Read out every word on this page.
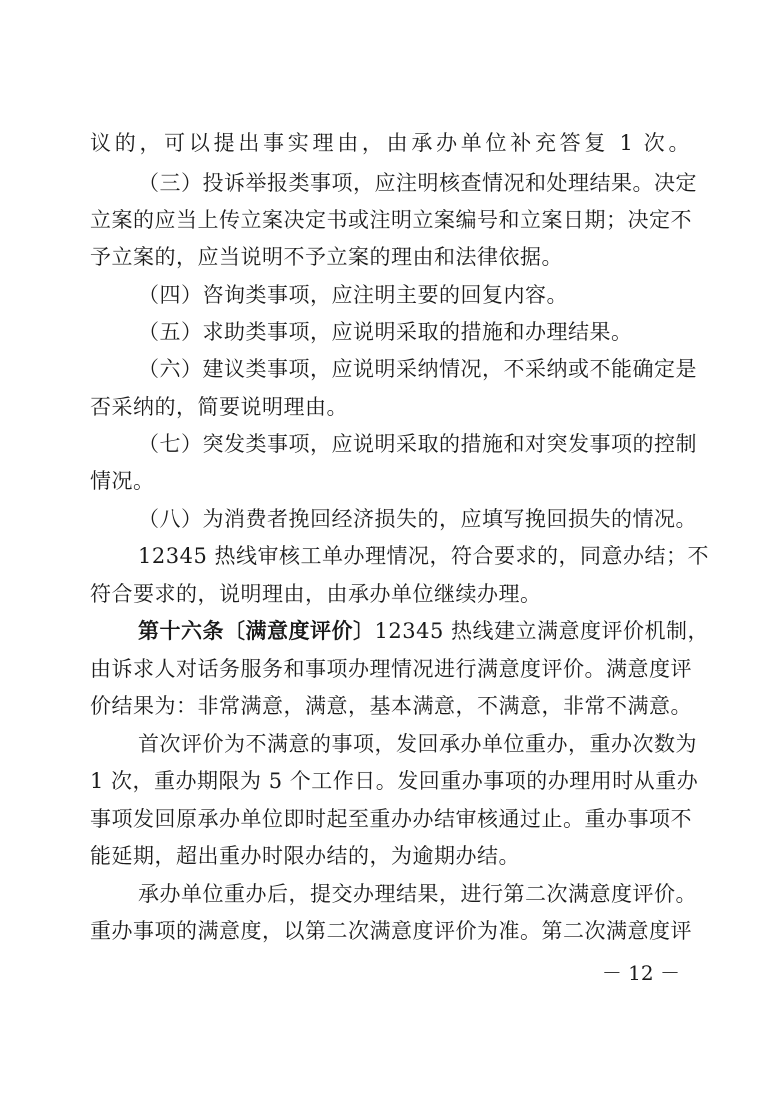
议的，可以提出事实理由，由承办单位补充答复 1 次。
（三）投诉举报类事项，应注明核查情况和处理结果。决定
立案的应当上传立案决定书或注明立案编号和立案日期；决定不
予立案的，应当说明不予立案的理由和法律依据。
（四）咨询类事项，应注明主要的回复内容。
（五）求助类事项，应说明采取的措施和办理结果。
（六）建议类事项，应说明采纳情况，不采纳或不能确定是
否采纳的，简要说明理由。
（七）突发类事项，应说明采取的措施和对突发事项的控制
情况。
（八）为消费者挽回经济损失的，应填写挽回损失的情况。
12345 热线审核工单办理情况，符合要求的，同意办结；不
符合要求的，说明理由，由承办单位继续办理。
第十六条〔满意度评价〕12345 热线建立满意度评价机制，
由诉求人对话务服务和事项办理情况进行满意度评价。满意度评
价结果为：非常满意，满意，基本满意，不满意，非常不满意。
首次评价为不满意的事项，发回承办单位重办，重办次数为
1 次，重办期限为 5 个工作日。发回重办事项的办理用时从重办
事项发回原承办单位即时起至重办办结审核通过止。重办事项不
能延期，超出重办时限办结的，为逾期办结。
承办单位重办后，提交办理结果，进行第二次满意度评价。
重办事项的满意度，以第二次满意度评价为准。第二次满意度评
－ 12 －
